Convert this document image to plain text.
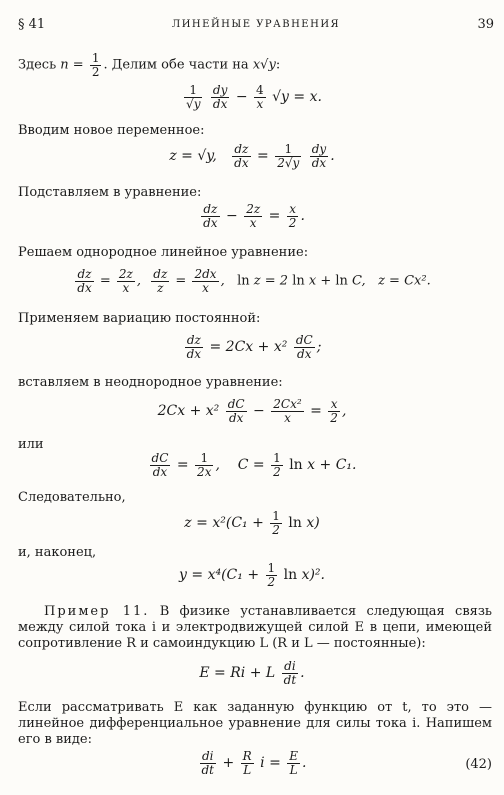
§ 41	ЛИНЕЙНЫЕ УРАВНЕНИЯ	39
Здесь $n = \frac{1}{2}$ . Делим обе части на x√y:
$\frac{1}{√y}$
$\frac{dy}{dx} - \frac{4}{x} √y = x$.
Вводим новое переменное:
z = √y, $\frac{dz}{dx} = \frac{1}{2√y}$
$\frac{dy}{dx}$ .
Подставляем в уравнение:
$\frac{dz}{dx} - \frac{2z}{x} = \frac{x}{2}$ .
Решаем однородное линейное уравнение:
$\frac{dz}{dx} = \frac{2z}{x}$ , $\frac{dz}{z} = \frac{2dx}{x}$ ,   ln z = 2 ln x + ln C,   z = Cx².
Применяем вариацию постоянной:
$\frac{dz}{dx} = 2Cx + x^2 \frac{dC}{dx}$ ;
вставляем в неоднородное уравнение:
$2Cx + x^2 \frac{dC}{dx} - \frac{\text{2Cx²}}{x} = \frac{x}{2}$ ,
или
$\frac{dC}{dx} = \frac{1}{2x}$ ,    $C = \frac{1}{2}$ ln x + C₁.
Следовательно,
$z = x^2(C_1 + \frac{1}{2}$ ln x)
и, наконец,
$y = x^4(C_1 + \frac{1}{2}$ ln x)².
Пример 11. В физике устанавливается следующая связь между силой тока i и электродвижущей силой E в цепи, имеющей сопротивление R и самоиндукцию L (R и L — постоянные):
E = Ri + L $\frac{di}{dt}$ .
Если рассматривать E как заданную функцию от t, то это — линейное дифференциальное уравнение для силы тока i. Напишем его в виде:
$\frac{di}{dt} + \frac{R}{L}$ $i = \frac{E}{L}$ .	(42)
